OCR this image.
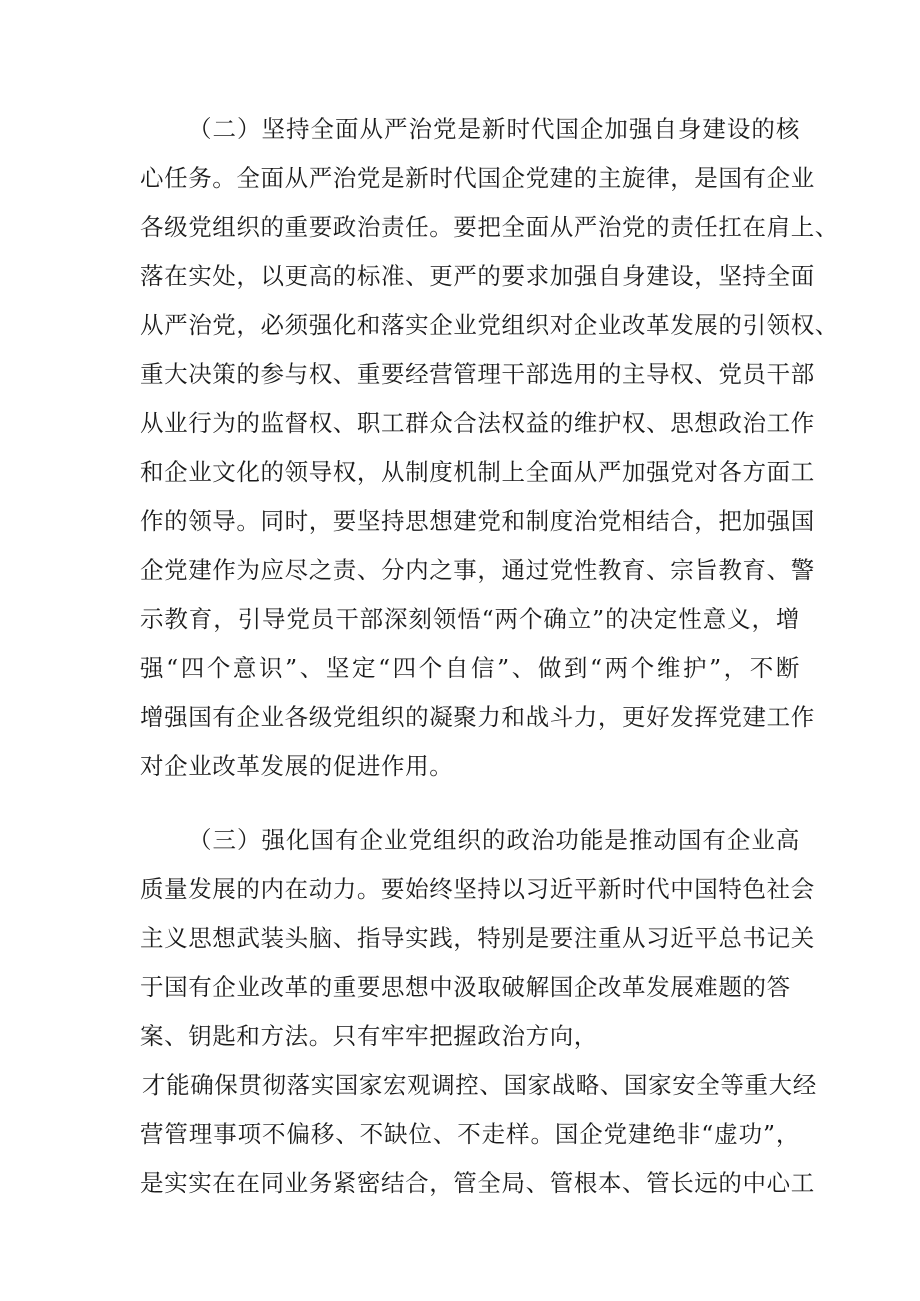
（二）坚持全面从严治党是新时代国企加强自身建设的核
心任务。全面从严治党是新时代国企党建的主旋律，是国有企业
各级党组织的重要政治责任。要把全面从严治党的责任扛在肩上、
落在实处，以更高的标准、更严的要求加强自身建设，坚持全面
从严治党，必须强化和落实企业党组织对企业改革发展的引领权、
重大决策的参与权、重要经营管理干部选用的主导权、党员干部
从业行为的监督权、职工群众合法权益的维护权、思想政治工作
和企业文化的领导权，从制度机制上全面从严加强党对各方面工
作的领导。同时，要坚持思想建党和制度治党相结合，把加强国
企党建作为应尽之责、分内之事，通过党性教育、宗旨教育、警
示教育，引导党员干部深刻领悟“两个确立”的决定性意义，增
强“四个意识”、坚定“四个自信”、做到“两个维护”，不断
增强国有企业各级党组织的凝聚力和战斗力，更好发挥党建工作
对企业改革发展的促进作用。
（三）强化国有企业党组织的政治功能是推动国有企业高
质量发展的内在动力。要始终坚持以习近平新时代中国特色社会
主义思想武装头脑、指导实践，特别是要注重从习近平总书记关
于国有企业改革的重要思想中汲取破解国企改革发展难题的答
案、钥匙和方法。只有牢牢把握政治方向，
才能确保贯彻落实国家宏观调控、国家战略、国家安全等重大经
营管理事项不偏移、不缺位、不走样。国企党建绝非“虚功”，
是实实在在同业务紧密结合，管全局、管根本、管长远的中心工
